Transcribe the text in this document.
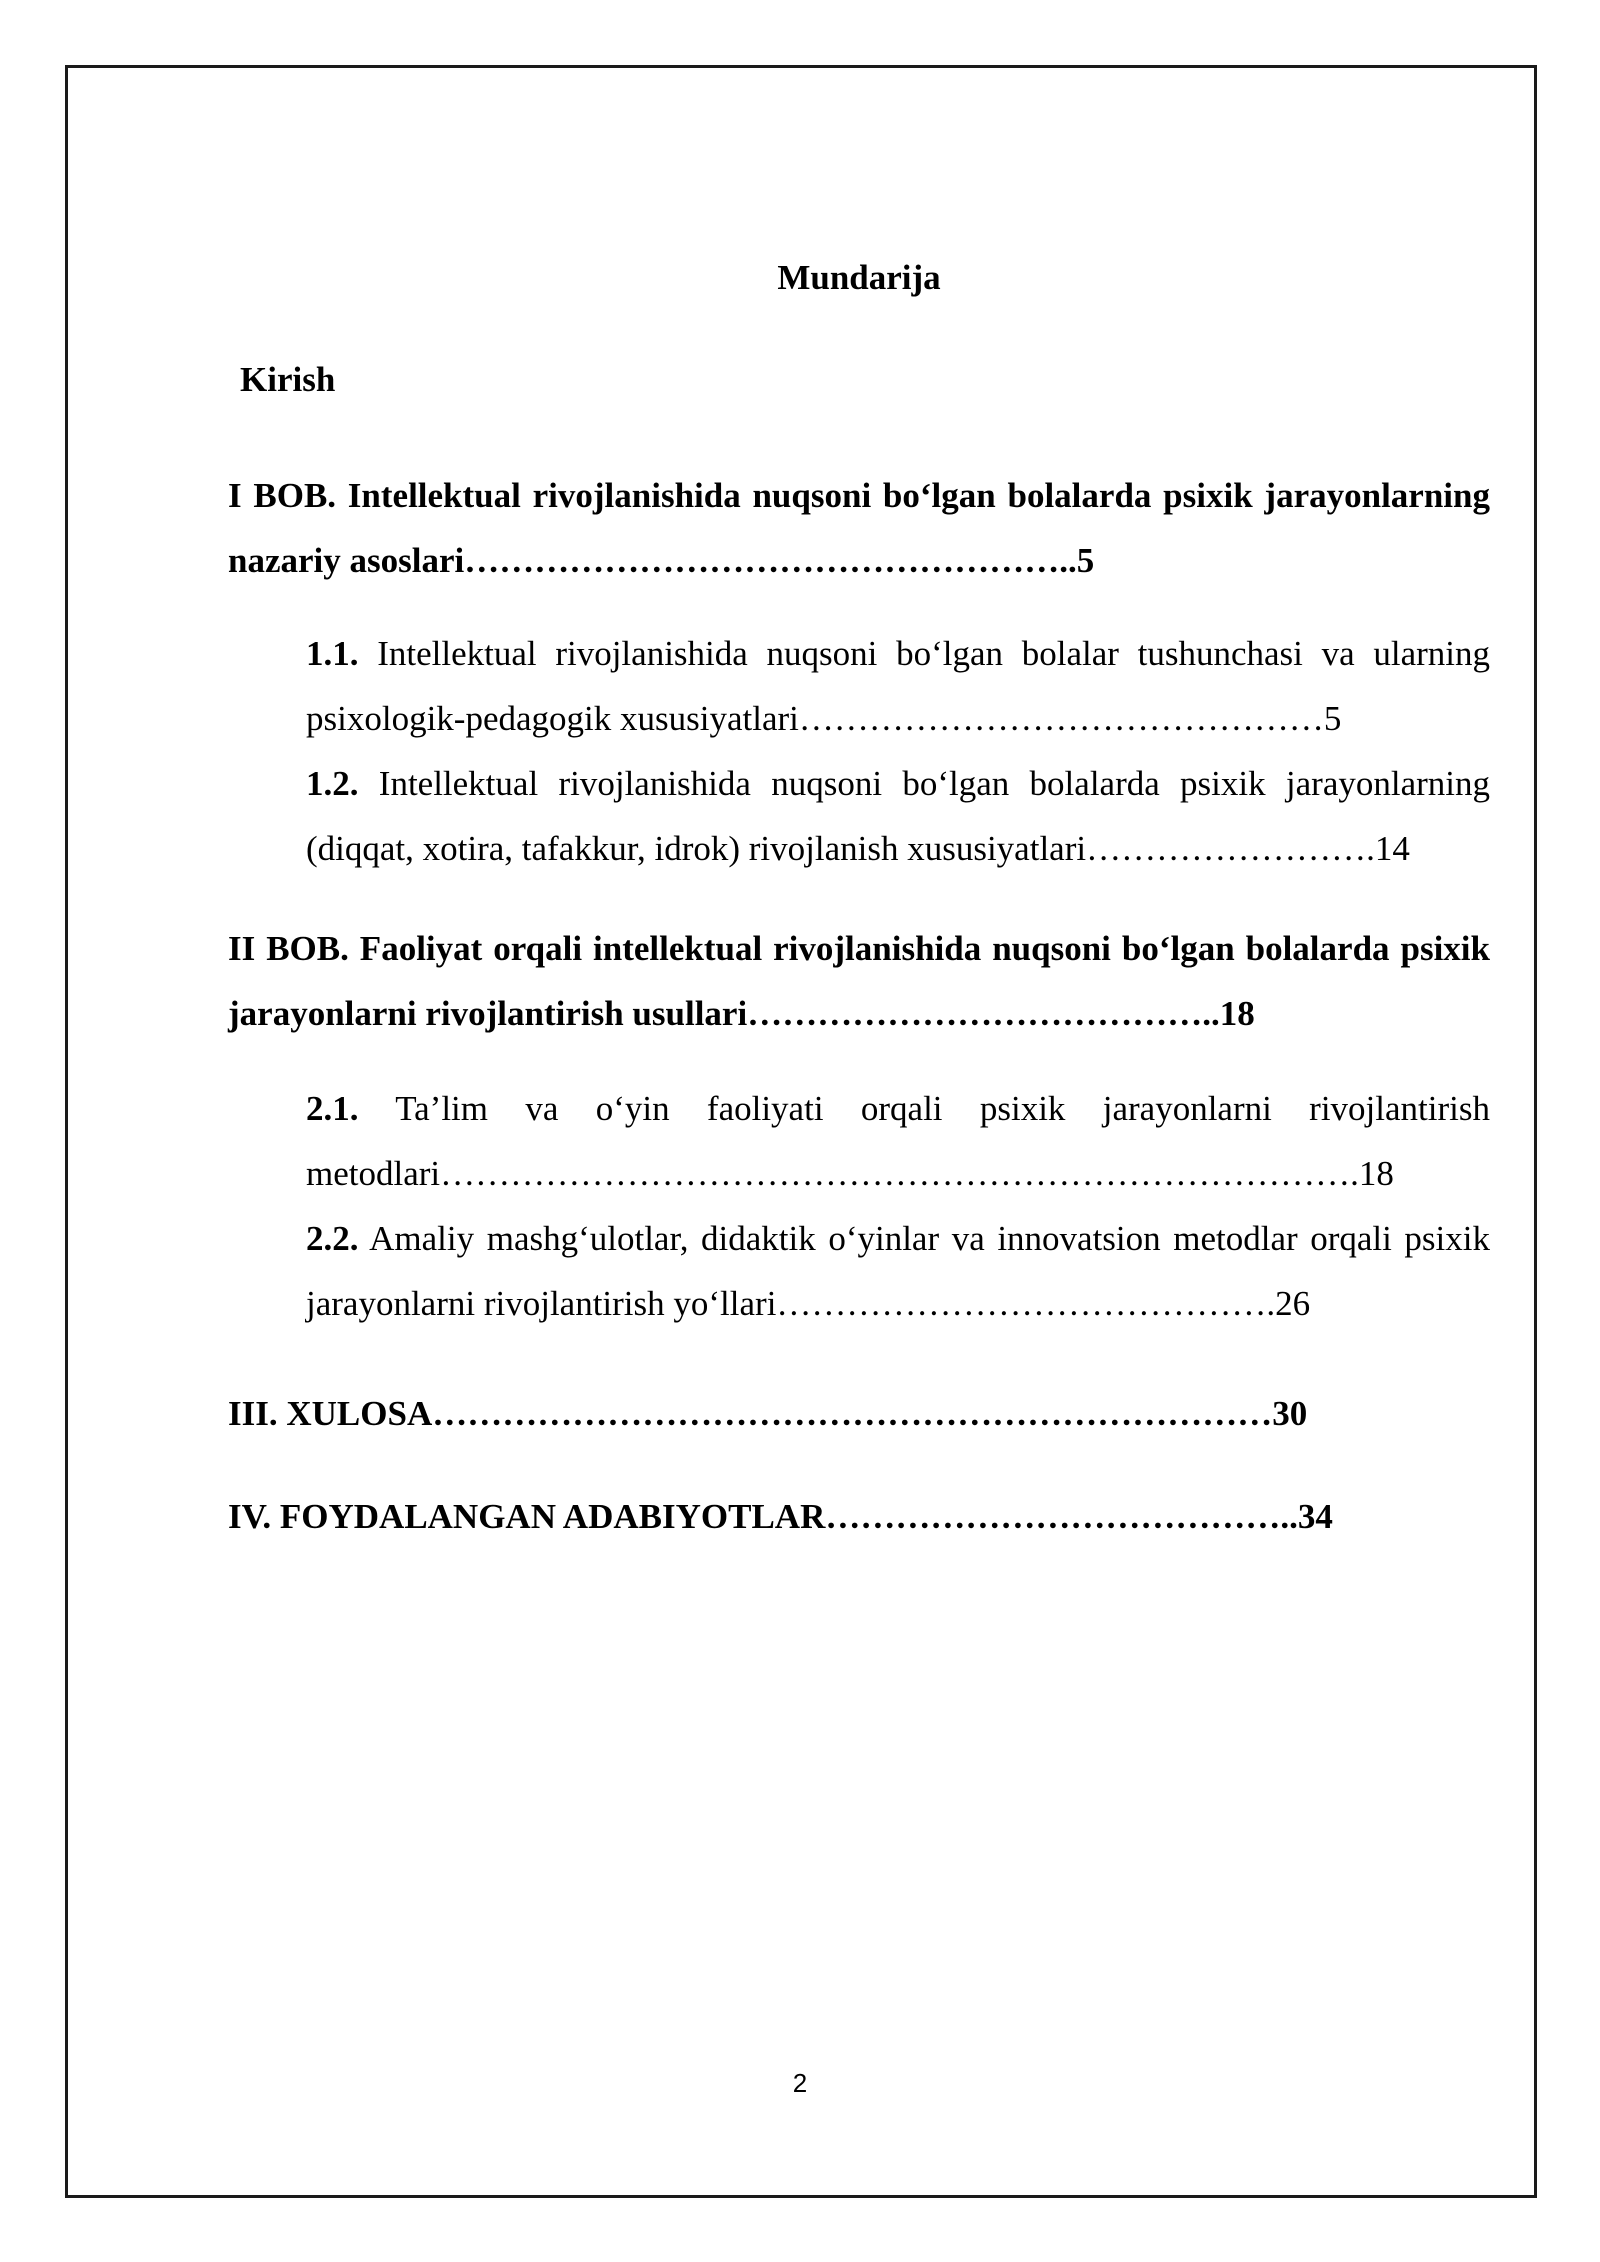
Mundarija

Kirish

I BOB. Intellektual rivojlanishida nuqsoni bo‘lgan bolalarda psixik jarayonlarning nazariy asoslari……………………………………………..5

1.1. Intellektual rivojlanishida nuqsoni bo‘lgan bolalar tushunchasi va ularning psixologik-pedagogik xususiyatlari………………………………………5

1.2. Intellektual rivojlanishida nuqsoni bo‘lgan bolalarda psixik jarayonlarning (diqqat, xotira, tafakkur, idrok) rivojlanish xususiyatlari…………………….14

II BOB. Faoliyat orqali intellektual rivojlanishida nuqsoni bo‘lgan bolalarda psixik jarayonlarni rivojlantirish usullari…………………………………..18

2.1. Ta’lim va o‘yin faoliyati orqali psixik jarayonlarni rivojlantirish metodlari…………………………………………………………………….18

2.2. Amaliy mashg‘ulotlar, didaktik o‘yinlar va innovatsion metodlar orqali psixik jarayonlarni rivojlantirish yo‘llari…………………………………….26

III. XULOSA………………………………………………………………30

IV. FOYDALANGAN ADABIYOTLAR…………………………………..34

2
